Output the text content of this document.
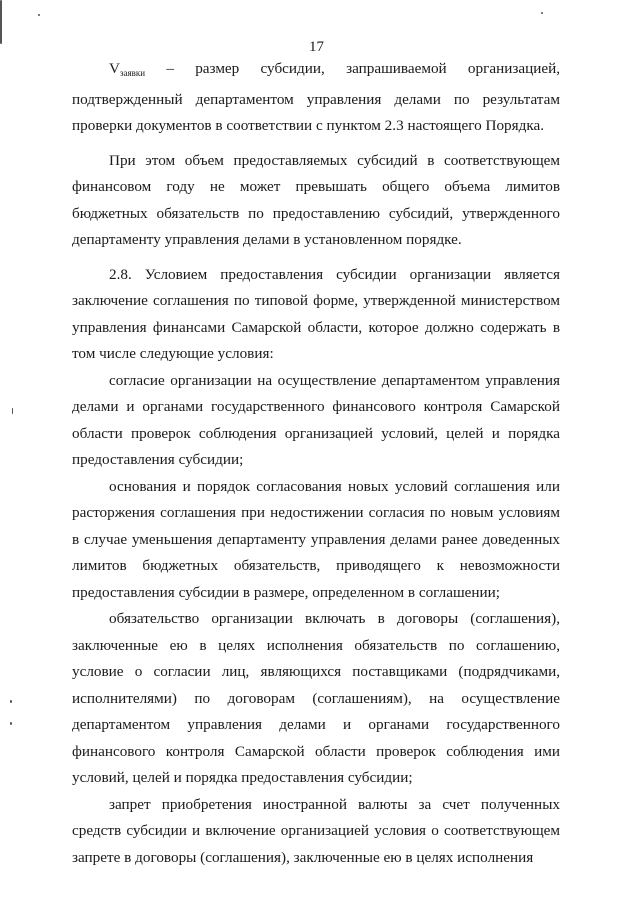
17

$V_{заявки}$ – размер субсидии, запрашиваемой организацией, подтвержденный департаментом управления делами по результатам проверки документов в соответствии с пунктом 2.3 настоящего Порядка.

При этом объем предоставляемых субсидий в соответствующем финансовом году не может превышать общего объема лимитов бюджетных обязательств по предоставлению субсидий, утвержденного департаменту управления делами в установленном порядке.

2.8. Условием предоставления субсидии организации является заключение соглашения по типовой форме, утвержденной министерством управления финансами Самарской области, которое должно содержать в том числе следующие условия:

согласие организации на осуществление департаментом управления делами и органами государственного финансового контроля Самарской области проверок соблюдения организацией условий, целей и порядка предоставления субсидии;

основания и порядок согласования новых условий соглашения или расторжения соглашения при недостижении согласия по новым условиям в случае уменьшения департаменту управления делами ранее доведенных лимитов бюджетных обязательств, приводящего к невозможности предоставления субсидии в размере, определенном в соглашении;

обязательство организации включать в договоры (соглашения), заключенные ею в целях исполнения обязательств по соглашению, условие о согласии лиц, являющихся поставщиками (подрядчиками, исполнителями) по договорам (соглашениям), на осуществление департаментом управления делами и органами государственного финансового контроля Самарской области проверок соблюдения ими условий, целей и порядка предоставления субсидии;

запрет приобретения иностранной валюты за счет полученных средств субсидии и включение организацией условия о соответствующем запрете в договоры (соглашения), заключенные ею в целях исполнения
